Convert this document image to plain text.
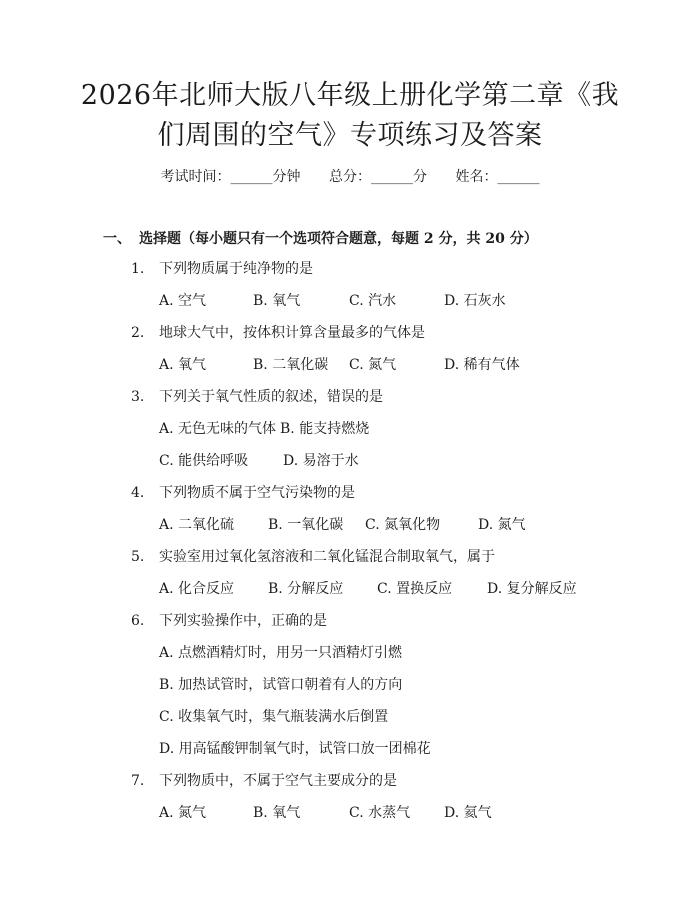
2026年北师大版八年级上册化学第二章《我
们周围的空气》专项练习及答案
考试时间：______分钟 总分：______分 姓名：______
一、 选择题（每小题只有一个选项符合题意，每题 2 分，共 20 分）
1. 下列物质属于纯净物的是
A. 空气	B. 氧气	C. 汽水	D. 石灰水
2. 地球大气中，按体积计算含量最多的气体是
A. 氧气	B. 二氧化碳 C. 氮气	D. 稀有气体
3. 下列关于氧气性质的叙述，错误的是
A. 无色无味的气体 B. 能支持燃烧
C. 能供给呼吸 D. 易溶于水
4. 下列物质不属于空气污染物的是
A. 二氧化硫 B. 一氧化碳 C. 氮氧化物	D. 氮气
5. 实验室用过氧化氢溶液和二氧化锰混合制取氧气，属于
A. 化合反应 B. 分解反应 C. 置换反应 D. 复分解反应
6. 下列实验操作中，正确的是
A. 点燃酒精灯时，用另一只酒精灯引燃
B. 加热试管时，试管口朝着有人的方向
C. 收集氧气时，集气瓶装满水后倒置
D. 用高锰酸钾制氧气时，试管口放一团棉花
7. 下列物质中，不属于空气主要成分的是
A. 氮气	B. 氧气	C. 水蒸气 D. 氦气
